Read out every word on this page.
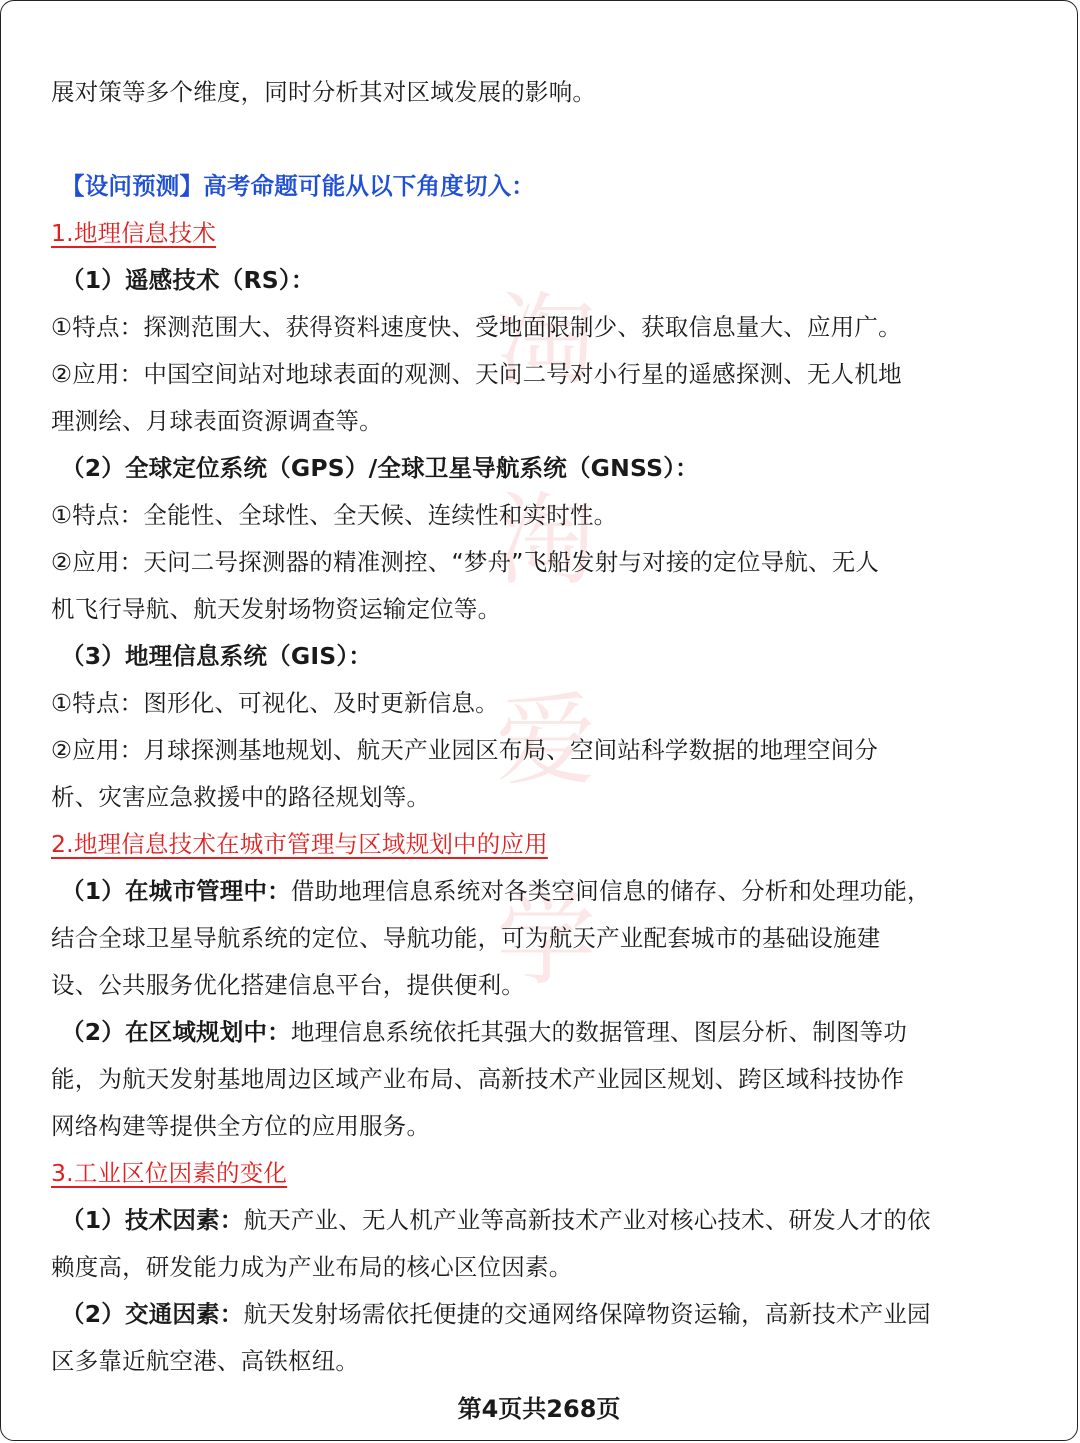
淘
淘
爱
学
展对策等多个维度，同时分析其对区域发展的影响。
【设问预测】高考命题可能从以下角度切入：
1.地理信息技术
（1）遥感技术（RS）：
①特点：探测范围大、获得资料速度快、受地面限制少、获取信息量大、应用广。
②应用：中国空间站对地球表面的观测、天问二号对小行星的遥感探测、无人机地
理测绘、月球表面资源调查等。
（2）全球定位系统（GPS）/全球卫星导航系统（GNSS）：
①特点：全能性、全球性、全天候、连续性和实时性。
②应用：天问二号探测器的精准测控、“梦舟”飞船发射与对接的定位导航、无人
机飞行导航、航天发射场物资运输定位等。
（3）地理信息系统（GIS）：
①特点：图形化、可视化、及时更新信息。
②应用：月球探测基地规划、航天产业园区布局、空间站科学数据的地理空间分
析、灾害应急救援中的路径规划等。
2.地理信息技术在城市管理与区域规划中的应用
（1）在城市管理中：借助地理信息系统对各类空间信息的储存、分析和处理功能，
结合全球卫星导航系统的定位、导航功能，可为航天产业配套城市的基础设施建
设、公共服务优化搭建信息平台，提供便利。
（2）在区域规划中：地理信息系统依托其强大的数据管理、图层分析、制图等功
能，为航天发射基地周边区域产业布局、高新技术产业园区规划、跨区域科技协作
网络构建等提供全方位的应用服务。
3.工业区位因素的变化
（1）技术因素：航天产业、无人机产业等高新技术产业对核心技术、研发人才的依
赖度高，研发能力成为产业布局的核心区位因素。
（2）交通因素：航天发射场需依托便捷的交通网络保障物资运输，高新技术产业园
区多靠近航空港、高铁枢纽。
第4页共268页
